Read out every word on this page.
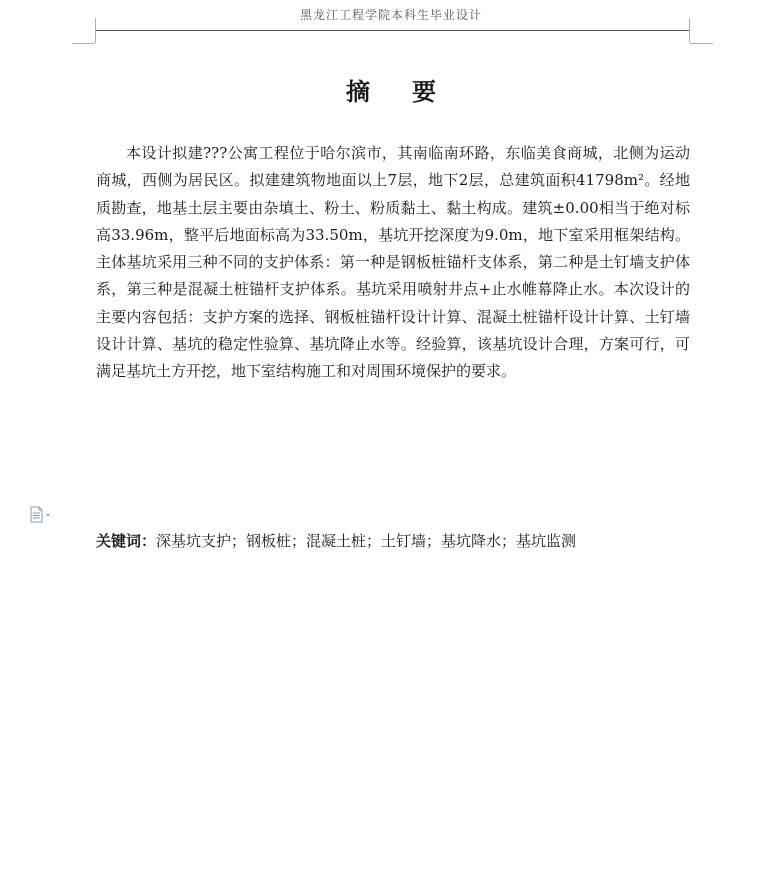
黑龙江工程学院本科生毕业设计
摘要

本设计拟建???公寓工程位于哈尔滨市，其南临南环路，东临美食商城，北侧为运动商城，西侧为居民区。拟建建筑物地面以上7层，地下2层，总建筑面积41798m²。经地质勘查，地基土层主要由杂填土、粉土、粉质黏土、黏土构成。建筑±0.00相当于绝对标高33.96m，整平后地面标高为33.50m，基坑开挖深度为9.0m，地下室采用框架结构。主体基坑采用三种不同的支护体系：第一种是钢板桩锚杆支体系，第二种是土钉墙支护体系，第三种是混凝土桩锚杆支护体系。基坑采用喷射井点+止水帷幕降止水。本次设计的主要内容包括：支护方案的选择、钢板桩锚杆设计计算、混凝土桩锚杆设计计算、土钉墙设计计算、基坑的稳定性验算、基坑降止水等。经验算，该基坑设计合理，方案可行，可满足基坑土方开挖，地下室结构施工和对周围环境保护的要求。

关键词：深基坑支护；钢板桩；混凝土桩；土钉墙；基坑降水；基坑监测
